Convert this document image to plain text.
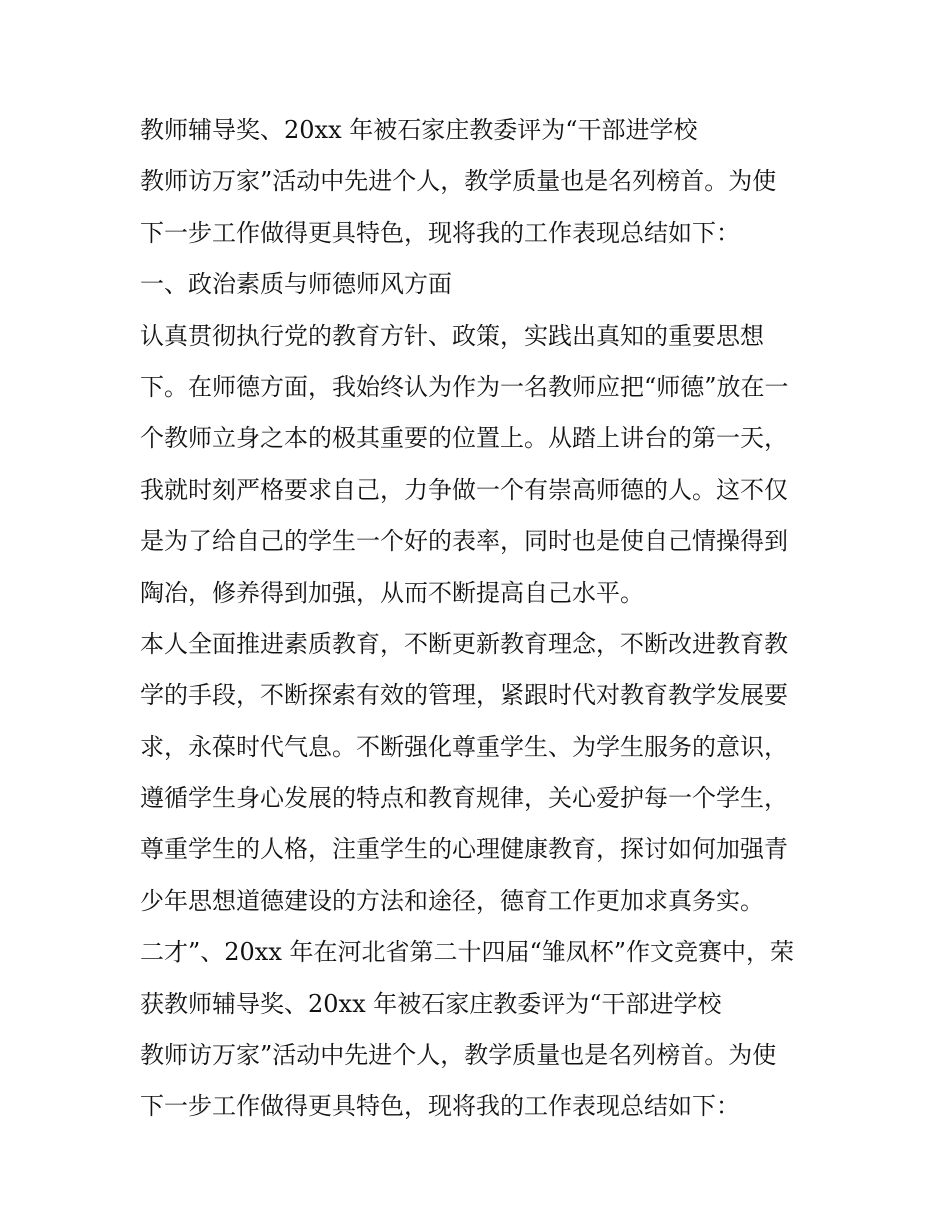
教师辅导奖、20xx 年被石家庄教委评为“干部进学校
教师访万家”活动中先进个人，教学质量也是名列榜首。为使
下一步工作做得更具特色，现将我的工作表现总结如下：
一、政治素质与师德师风方面
认真贯彻执行党的教育方针、政策，实践出真知的重要思想
下。在师德方面，我始终认为作为一名教师应把“师德”放在一
个教师立身之本的极其重要的位置上。从踏上讲台的第一天，
我就时刻严格要求自己，力争做一个有崇高师德的人。这不仅
是为了给自己的学生一个好的表率，同时也是使自己情操得到
陶冶，修养得到加强，从而不断提高自己水平。
本人全面推进素质教育，不断更新教育理念，不断改进教育教
学的手段，不断探索有效的管理，紧跟时代对教育教学发展要
求，永葆时代气息。不断强化尊重学生、为学生服务的意识，
遵循学生身心发展的特点和教育规律，关心爱护每一个学生，
尊重学生的人格，注重学生的心理健康教育，探讨如何加强青
少年思想道德建设的方法和途径，德育工作更加求真务实。
二才”、20xx 年在河北省第二十四届“雏凤杯”作文竞赛中，荣
获教师辅导奖、20xx 年被石家庄教委评为“干部进学校
教师访万家”活动中先进个人，教学质量也是名列榜首。为使
下一步工作做得更具特色，现将我的工作表现总结如下：
